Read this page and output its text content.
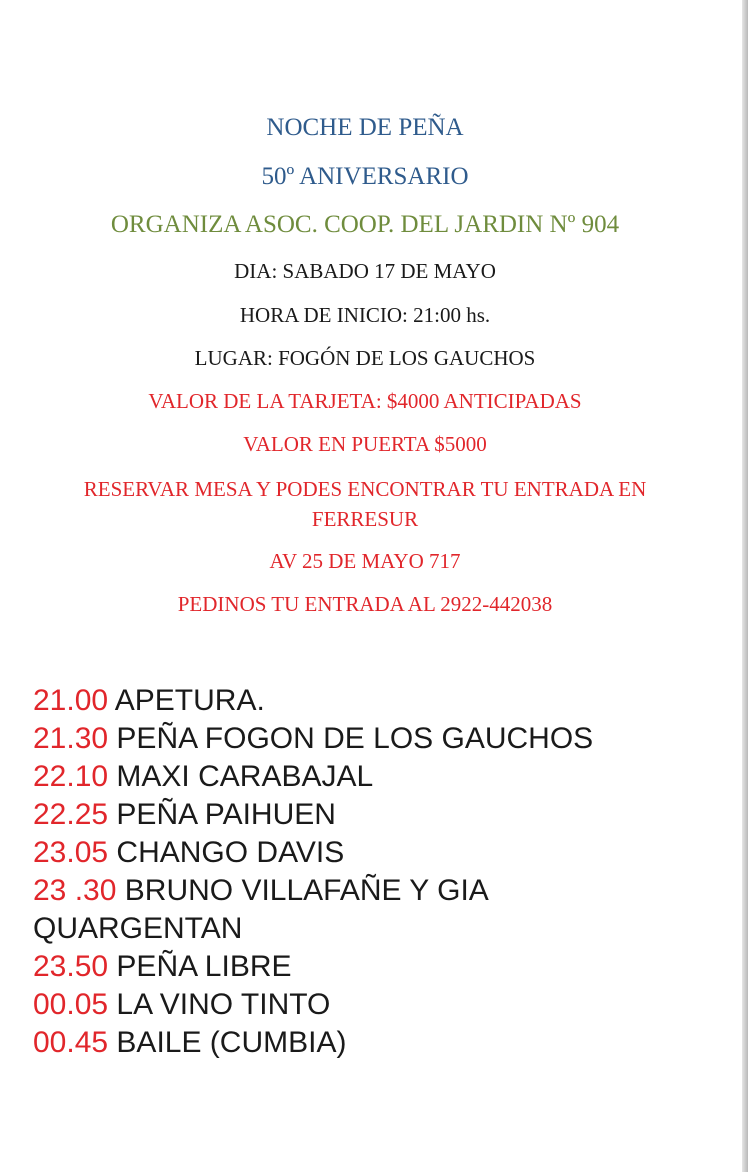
NOCHE DE PEÑA
50º ANIVERSARIO
ORGANIZA ASOC. COOP. DEL JARDIN Nº 904
DIA: SABADO 17 DE MAYO
HORA DE INICIO: 21:00 hs.
LUGAR: FOGÓN DE LOS GAUCHOS
VALOR DE LA TARJETA: $4000 ANTICIPADAS
VALOR EN PUERTA $5000
RESERVAR MESA Y PODES ENCONTRAR TU ENTRADA EN FERRESUR
AV 25 DE MAYO 717
PEDINOS TU ENTRADA AL 2922-442038

21.00 APETURA.

21.30 PEÑA FOGON DE LOS GAUCHOS

22.10 MAXI CARABAJAL

22.25 PEÑA PAIHUEN

23.05 CHANGO DAVIS

23 .30 BRUNO VILLAFAÑE Y GIA QUARGENTAN

23.50 PEÑA LIBRE

00.05 LA VINO TINTO

00.45 BAILE (CUMBIA)
